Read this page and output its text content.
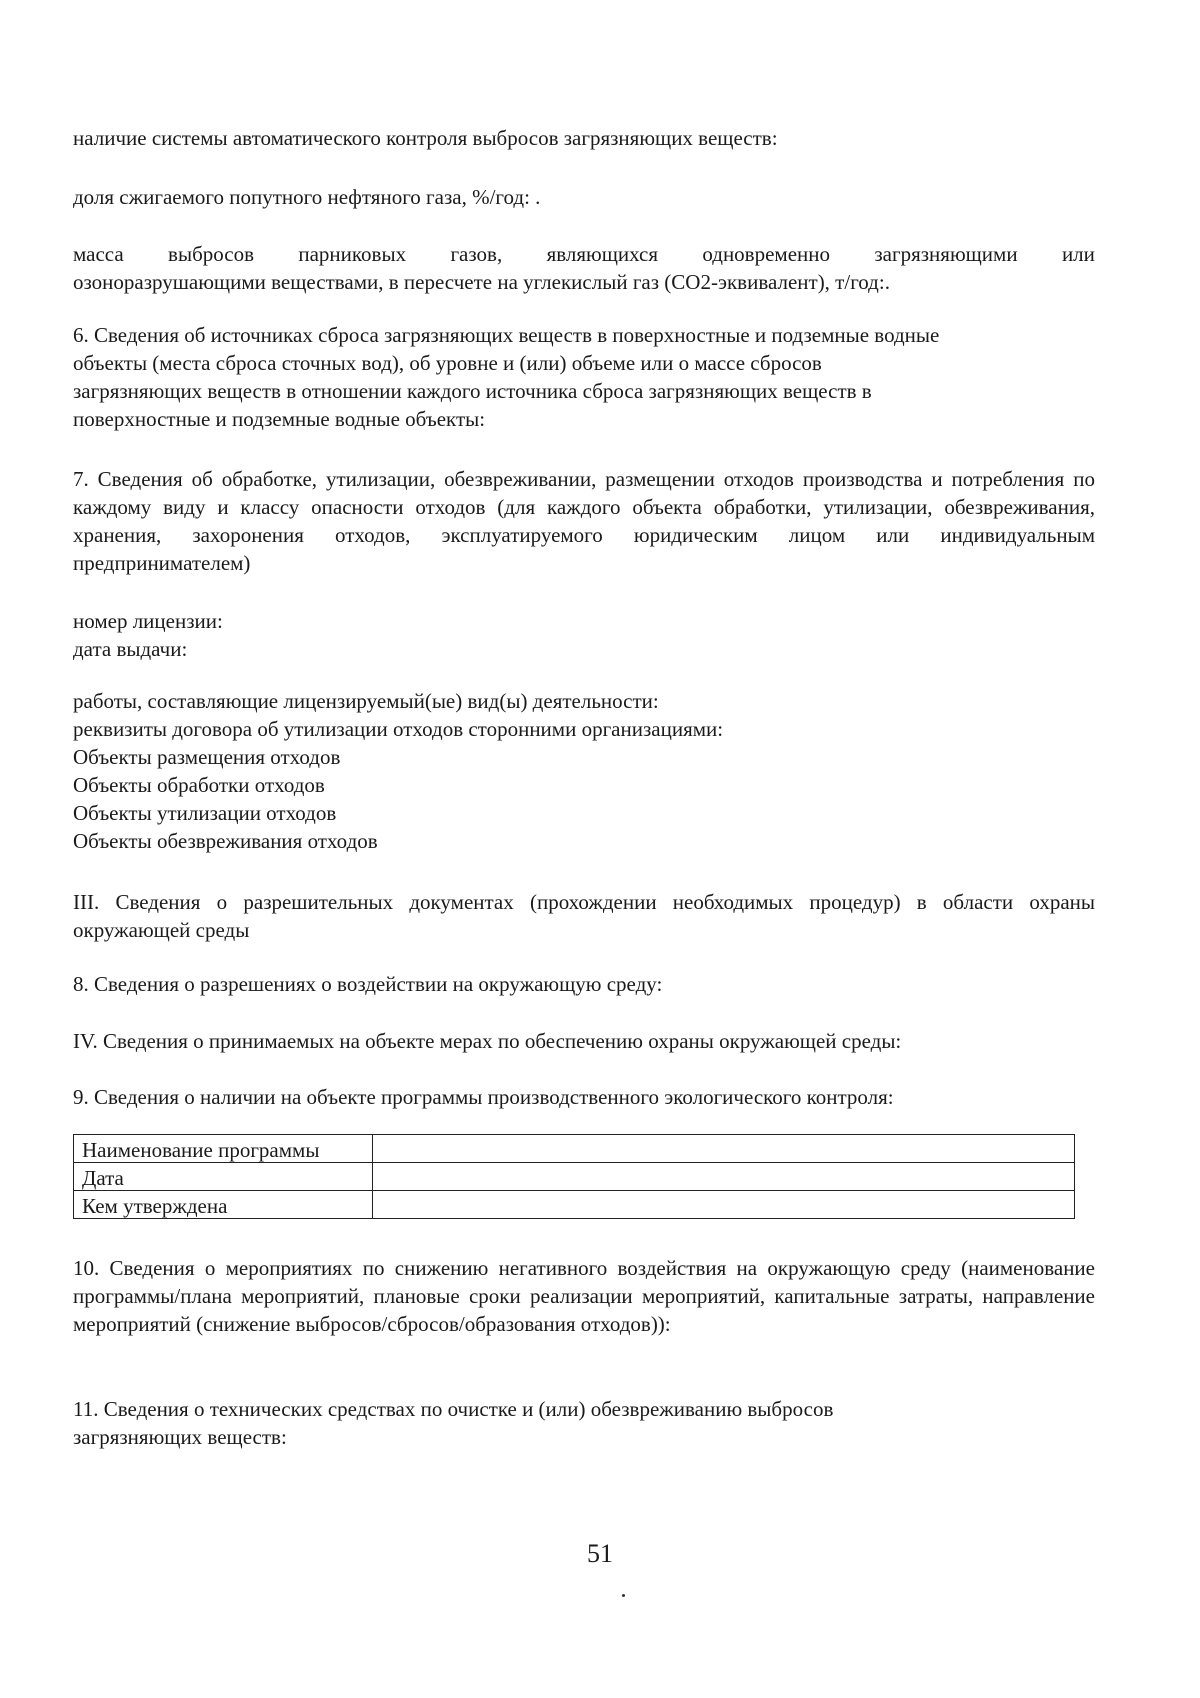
наличие системы автоматического контроля выбросов загрязняющих веществ:

доля сжигаемого попутного нефтяного газа, %/год: .

масса выбросов парниковых газов, являющихся одновременно загрязняющими или
озоноразрушающими веществами, в пересчете на углекислый газ (СО2-эквивалент), т/год:.

6. Сведения об источниках сброса загрязняющих веществ в поверхностные и подземные водные
объекты (места сброса сточных вод), об уровне и (или) объеме или о массе сбросов
загрязняющих веществ в отношении каждого источника сброса загрязняющих веществ в
поверхностные и подземные водные объекты:

7. Сведения об обработке, утилизации, обезвреживании, размещении отходов производства и потребления по каждому виду и классу опасности отходов (для каждого объекта обработки, утилизации, обезвреживания, хранения, захоронения отходов, эксплуатируемого юридическим лицом или индивидуальным предпринимателем)

номер лицензии:
дата выдачи:

работы, составляющие лицензируемый(ые) вид(ы) деятельности:
реквизиты договора об утилизации отходов сторонними организациями:
Объекты размещения отходов
Объекты обработки отходов
Объекты утилизации отходов
Объекты обезвреживания отходов

III. Сведения о разрешительных документах (прохождении необходимых процедур) в области охраны окружающей среды

8. Сведения о разрешениях о воздействии на окружающую среду:

IV. Сведения о принимаемых на объекте мерах по обеспечению охраны окружающей среды:

9. Сведения о наличии на объекте программы производственного экологического контроля:

Наименование программы	
Дата	
Кем утверждена	

10. Сведения о мероприятиях по снижению негативного воздействия на окружающую среду (наименование программы/плана мероприятий, плановые сроки реализации мероприятий, капитальные затраты, направление мероприятий (снижение выбросов/сбросов/образования отходов)):

11. Сведения о технических средствах по очистке и (или) обезвреживанию выбросов
загрязняющих веществ:

51
